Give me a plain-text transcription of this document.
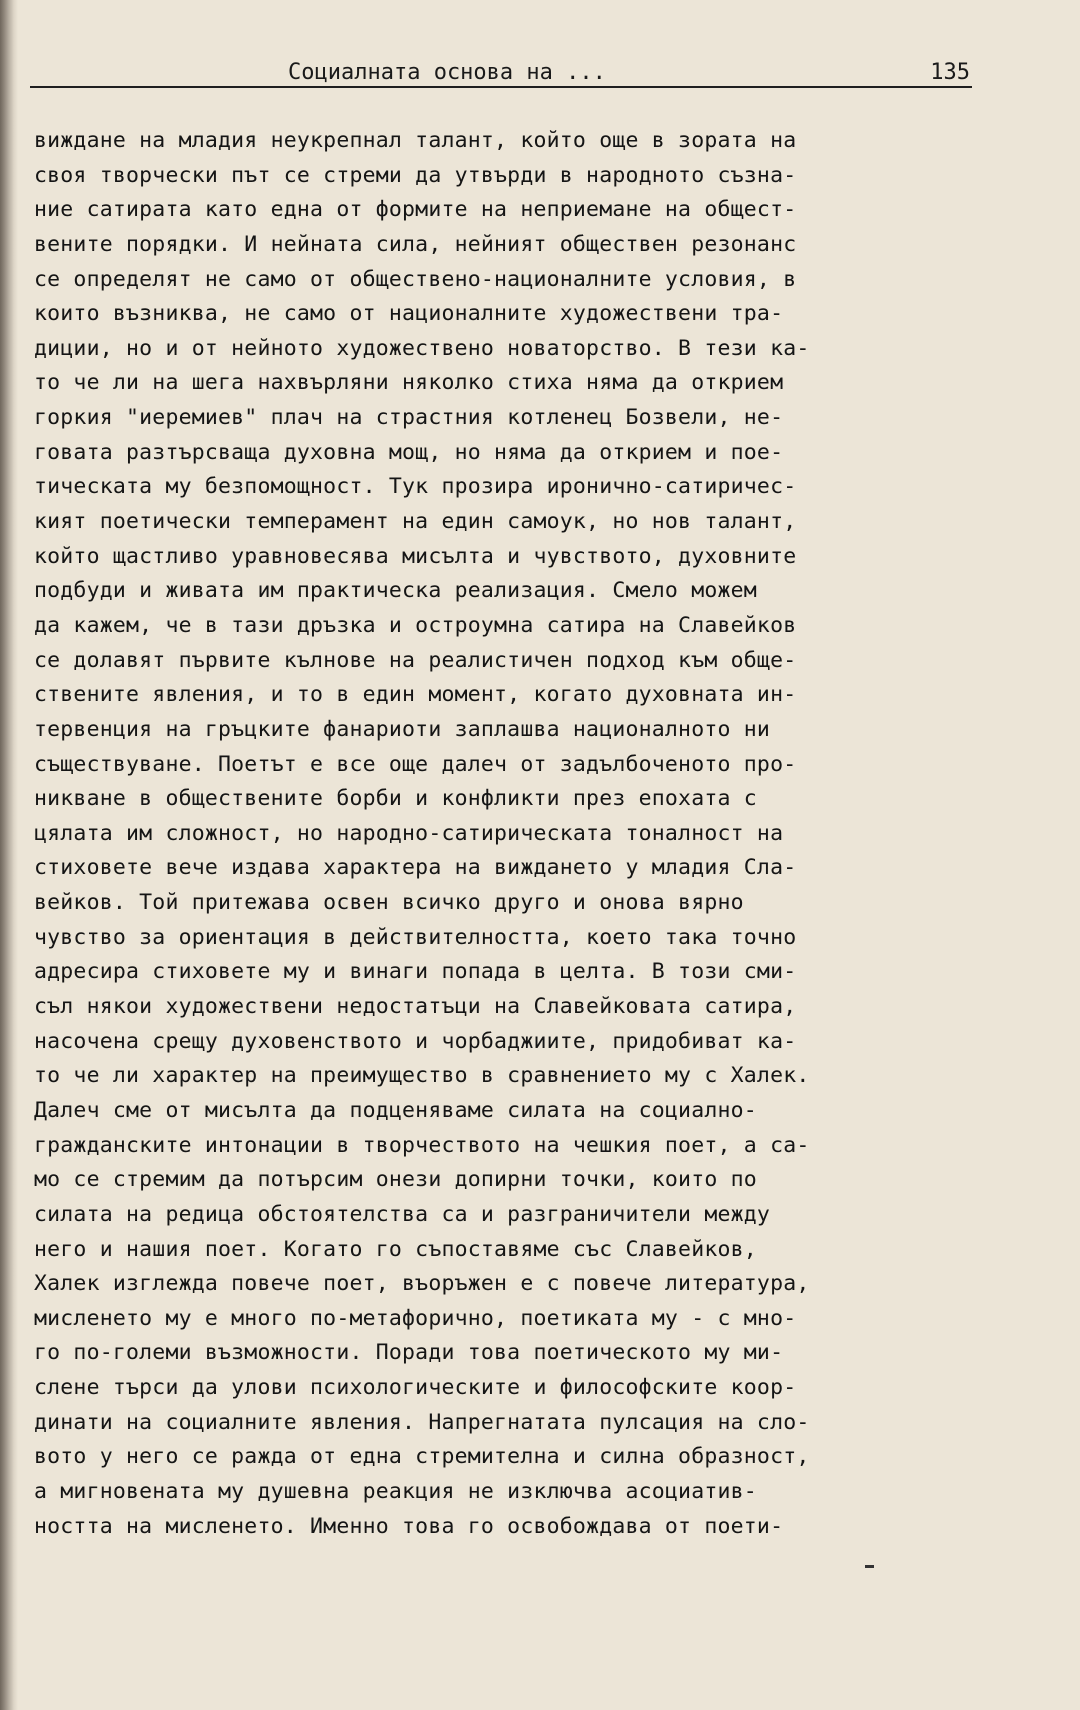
Социалната основа на ...	135
виждане на младия неукрепнал талант, който още в зората на
своя творчески път се стреми да утвърди в народното съзна-
ние сатирата като една от формите на неприемане на общест-
вените порядки. И нейната сила, нейният обществен резонанс
се определят не само от обществено-националните условия, в
които възниква, не само от националните художествени тра-
диции, но и от нейното художествено новаторство. В тези ка-
то че ли на шега нахвърляни няколко стиха няма да открием
горкия "иеремиев" плач на страстния котленец Бозвели, не-
говата разтърсваща духовна мощ, но няма да открием и пое-
тическата му безпомощност. Тук прозира иронично-сатиричес-
кият поетически темперамент на един самоук, но нов талант,
който щастливо уравновесява мисълта и чувството, духовните
подбуди и живата им практическа реализация. Смело можем
да кажем, че в тази дръзка и остроумна сатира на Славейков
се долавят първите кълнове на реалистичен подход към обще-
ствените явления, и то в един момент, когато духовната ин-
тервенция на гръцките фанариоти заплашва националното ни
съществуване. Поетът е все още далеч от задълбоченото про-
никване в обществените борби и конфликти през епохата с
цялата им сложност, но народно-сатирическата тоналност на
стиховете вече издава характера на виждането у младия Сла-
вейков. Той притежава освен всичко друго и онова вярно
чувство за ориентация в действителността, което така точно
адресира стиховете му и винаги попада в целта. В този сми-
съл някои художествени недостатъци на Славейковата сатира,
насочена срещу духовенството и чорбаджиите, придобиват ка-
то че ли характер на преимущество в сравнението му с Халек.
Далеч сме от мисълта да подценяваме силата на социално-
гражданските интонации в творчеството на чешкия поет, а са-
мо се стремим да потърсим онези допирни точки, които по
силата на редица обстоятелства са и разграничители между
него и нашия поет. Когато го съпоставяме със Славейков,
Халек изглежда повече поет, въоръжен е с повече литература,
мисленето му е много по-метафорично, поетиката му - с мно-
го по-големи възможности. Поради това поетическото му ми-
слене търси да улови психологическите и философските коор-
динати на социалните явления. Напрегнатата пулсация на сло-
вото у него се ражда от една стремителна и силна образност,
а мигновената му душевна реакция не изключва асоциатив-
ността на мисленето. Именно това го освобождава от поети-
